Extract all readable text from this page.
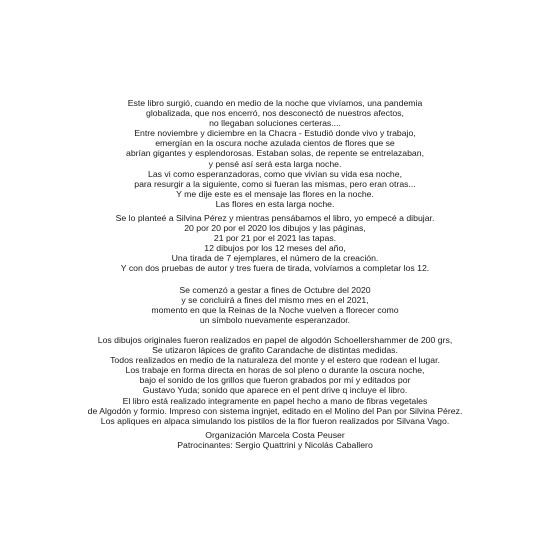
Este libro surgió, cuando en medio de la noche que vivíamos, una pandemia
globalizada, que nos encerró, nos desconectó de nuestros afectos,
no llegaban soluciones certeras....
Entre noviembre y diciembre en la Chacra - Estudió donde vivo y trabajo,
emergían en la oscura noche azulada cientos de flores que se
abrían gigantes y esplendorosas. Estaban solas, de repente se entrelazaban,
y pensé así será esta larga noche.
Las vi como esperanzadoras, como que vivían su vida esa noche,
para resurgir a la siguiente, como si fueran las mismas, pero eran otras...
Y me dije este es el mensaje las flores en la noche.
Las flores en esta larga noche.
Se lo planteé a Silvina Pérez y mientras pensábamos el libro, yo empecé a dibujar.
20 por 20 por el 2020 los dibujos y las páginas,
21 por 21 por el 2021 las tapas.
12 dibujos por los 12 meses del año,
Una tirada de 7 ejemplares, el número de la creación.
Y con dos pruebas de autor y tres fuera de tirada, volvíamos a completar los 12.
Se comenzó a gestar a fines de Octubre del 2020
y se concluirá a fines del mismo mes en el 2021,
momento en que la Reinas de la Noche vuelven a florecer como
un símbolo nuevamente esperanzador.
Los dibujos originales fueron realizados en papel de algodón Schoellershammer de 200 grs,
Se utizaron lápices de grafito Carandache de distintas medidas.
Todos realizados en medio de la naturaleza del monte y el estero que rodean el lugar.
Los trabaje en forma directa en horas de sol pleno o durante la oscura noche,
bajo el sonido de los grillos que fueron grabados por mí y editados por
Gustavo Yuda; sonido que aparece en el pent drive q incluye el libro.
El libro está realizado integramente en papel hecho a mano de fibras vegetales
de Algodón y formio. Impreso con sistema ingnjet, editado en el Molino del Pan por Silvina Pérez.
Los apliques en alpaca simulando los pistilos de la flor fueron realizados por Silvana Vago.
Organización Marcela Costa Peuser
Patrocinantes: Sergio Quattrini y Nicolás Caballero
